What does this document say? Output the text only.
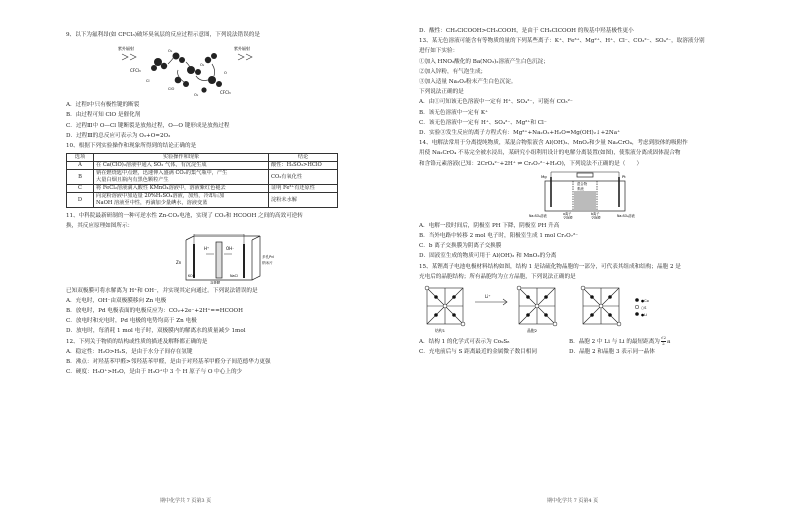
9、以下为氟利昂(如 CFCl₃)破坏臭氧层的反应过程示意图，下列说法错误的是
紫外辐射
CFCl₃
CFCl₃
紫外辐射
O₃
O₂
O
ClO
O₂
Cl
A．过程Ⅰ中只有极性键的断裂
B．由过程可知 ClO 是催化剂
C．过程Ⅲ中 O—Cl 键断裂是放热过程，O—O 键形成是放热过程
D．过程Ⅲ的总反应可表示为 O₃+O=2O₂
10、根据下列实验操作和现象所得到的结论正确的是
选项	实验操作和现象	结论
A	在 Ca(ClO)₂溶液中通入 SO₂ 气体，有沉淀生成	酸性：H₂SO₃>HClO
B	钠在燃烧匙中点燃，迅速伸入盛满 CO₂的集气瓶中，产生
大量白烟且瓶内有黑色颗粒产生	CO₂有氧化性
C	将 FeCl₂溶液滴入酸性 KMnO₄溶液中，溶液紫红色褪去	证明 Fe²⁺有还原性
D	向淀粉溶液中加适量 20%H₂SO₄溶液，加热，冷却后加
NaOH 溶液至中性，再滴加少量碘水，溶液变蓝	淀粉未水解
11、中科院最新研制的一种可逆水性 Zn-CO₂电池，实现了 CO₂和 HCOOH 之间的高效可逆转
换，其反应原理如图所示：
H⁺	OH⁻
Zn
多孔Pd
纳米片
KOH
双极膜
NaCl
已知双极膜可将水解离为 H⁺和 OH⁻，并实现其定向通过。下列说法错误的是
A．充电时，OH⁻由双极膜移向 Zn 电极
B．放电时，Pd 电极表面的电极反应为：CO₂+2e⁻+2H⁺==HCOOH
C．放电时和充电时，Pd 电极的电势均高于 Zn 电极
D．放电时，每消耗 1 mol 电子时，双极膜内的解离水的质量减少 1mol
12、下列关于物质的结构或性质的描述及解释都正确的是
A．稳定性：H₂O>H₂S，是由于水分子间存在氢键
B．沸点：对羟基苯甲醛>邻羟基苯甲醛，是由于对羟基苯甲醛分子间范德华力更强
C．硬度：H₃O⁺>H₂O，是由于 H₃O⁺中 3 个 H 原子与 O 中心上的少
期中化学共 7 页第3 页
D．酸性：CH₂ClCOOH>CH₃COOH，是由于 CH₂ClCOOH 的羧基中羟基极性更小
13、某无色溶液可能含有等物质的量的下列某些离子：K⁺、Fe³⁺、Mg²⁺、H⁺、Cl⁻、CO₃²⁻、SO₄²⁻，取溶液分别
进行如下实验：
①加入 HNO₃酸化的 Ba(NO₃)₂溶液产生白色沉淀；
②加入锌粉，有气泡生成；
③加入适量 Na₂O₂粉末产生白色沉淀。
下列说法正确的是
A．由①可知该无色溶液中一定有 H⁺、SO₄²⁻，可能有 CO₃²⁻
B．该无色溶液中一定有 K⁺
C．该无色溶液中一定有 H⁺、SO₄²⁻、Mg²⁺和 Cl⁻
D．实验③发生反应的离子方程式有：Mg²⁺+Na₂O₂+H₂O=Mg(OH)₂↓+2Na⁺
14、电解法常用于分离提纯物质，某混合物浆液含 Al(OH)₃、MnO₂和少量 Na₂CrO₄，考虑到胶体的吸附作
用使 Na₂CrO₄ 不易完全被水浸出，某研究小组利用设计的电解分离装置(如图)，使浆液分离成固体混合物
和含铬元素溶液(已知：2CrO₄²⁻+2H⁺ ⇌ Cr₂O₇²⁻+H₂O)，下列说法不正确的是（　　）
Mg
混合物
浆液
Pt
Na₂SO₄溶液	a离子
交换膜
b离子
交换膜	Na₂SO₄溶液
A．电解一段时间后，阴极室 PH 下降，阴极室 PH 升高
B．当外电路中转移 2 mol 电子时，阳极室生成 1 mol Cr₂O₇²⁻
C．b 离子交换膜为阴离子交换膜
D．固液室生成的物质可用于 Al(OH)₃ 和 MnO₂的分离
15、某锂离子电池电极材料结构如图，结构 1 是钴硫化物晶胞的一部分，可代表其组成和结构；晶胞 2 是
充电后的晶胞结构；所有晶胞均为立方晶胞，下列说法正确的是
Li⁺
结构1	晶胞2
●Co
○S
●Li
A．结构 1 的化学式可表示为 Co₉S₈	B．晶胞 2 中 Li 与 Li 的最短距离为 $\frac{√2}{2}$ a
C．充电前后与 S 距离最近的金属微子数目相同	D．晶胞 2 和晶胞 3 表示同一晶体
期中化学共 7 页第4 页
